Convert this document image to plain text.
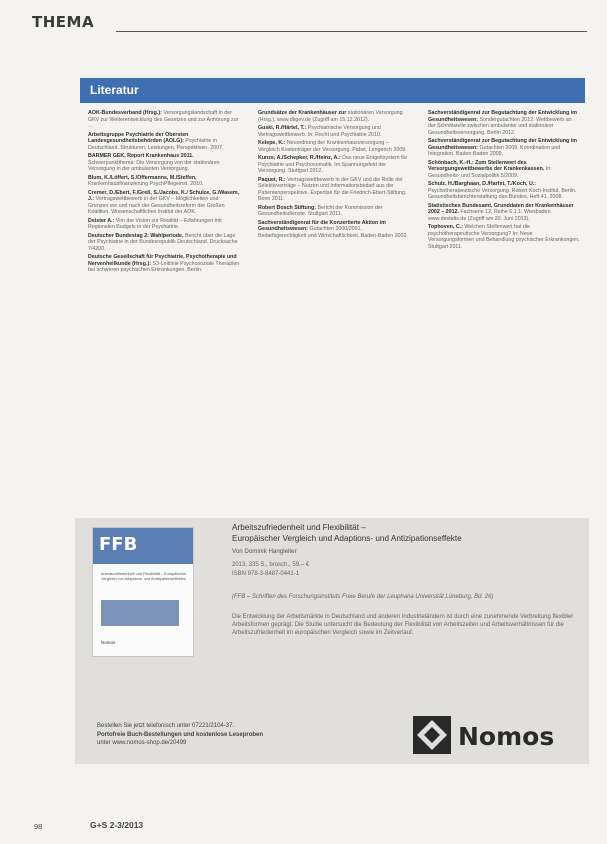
THEMA
Literatur
AOK-Bundesverband (Hrsg.): Versorgungslandschaft in der GKV zur Weiterentwicklung des Gesetzes und zur Anhörung zur …
Arbeitsgruppe Psychiatrie der Obersten Landesgesundheitsbehörden (AOLG): Psychiatrie in Deutschland. Strukturen, Leistungen, Perspektiven. 2007.
BARMER GEK, Report Krankenhaus 2011. Schwerpunktthema: Die Versorgung von der stationären Versorgung in der ambulanten Versorgung.
Blum, K./Löffert, S./Offermanns, M./Steffen, Krankenhausfinanzierung PsychPflegeinst. 2010.
Cremer, D./Ebert, F./Greß, S./Jacobs, K./ Schulze, G./Wasem, J.: Vertragswettbewerb in der GKV – Möglichkeiten und Grenzen vor und nach der Gesundheitsreform der Großen Koalition. Wissenschaftliches Institut der AOK.
Deister A.: Von der Vision zur Realität – Erfahrungen mit Regionalen Budgets in der Psychiatrie.
Deutscher Bundestag 2: Wahlperiode, Bericht über die Lage der Psychiatrie in der Bundesrepublik Deutschland. Drucksache 7/4200.
Deutsche Gesellschaft für Psychiatrie, Psychotherapie und Nervenheilkunde (Hrsg.): S3-Leitlinie Psychosoziale Therapien bei schweren psychischen Erkrankungen. Berlin.
Grundsätze der Krankenhäuser zur stationären Versorgung. (Hrsg.). www.dkgev.de (Zugriff am 15.12.2012).
Guski, R./Härtel, T.: Psychiatrische Versorgung und Vertragswettbewerb. In: Recht und Psychiatrie 2010.
Kelepe, K.: Neuordnung der Krankenhausversorgung – Vergleich Kostenträger der Versorgung. Pabst, Lengerich 2009.
Kunze, A./Schepker, R./Heinz, A.: Das neue Entgeltsystem für Psychiatrie und Psychosomatik. Im Spannungsfeld der Versorgung. Stuttgart 2012.
Paquet, R.: Vertragswettbewerb in der GKV und die Rolle der Selektivverträge – Nutzen und Informationsbedarf aus der Patientenperspektive. Expertise für die Friedrich-Ebert-Stiftung. Bonn 2011.
Robert Bosch Stiftung: Bericht der Kommission der Gesundheitsdienste. Stuttgart 2011.
Sachverständigenrat für die Konzertierte Aktion im Gesundheitswesen: Gutachten 2000/2001. Bedarfsgerechtigkeit und Wirtschaftlichkeit. Baden-Baden 2002.
Sachverständigenrat zur Begutachtung der Entwicklung im Gesundheitswesen: Sondergutachten 2012. Wettbewerb an der Schnittstelle zwischen ambulanter und stationärer Gesundheitsversorgung. Berlin 2012.
Sachverständigenrat zur Begutachtung der Entwicklung im Gesundheitswesen: Gutachten 2009. Koordination und Integration. Baden-Baden 2009.
Schönbach, K.-H.: Zum Stellenwert des Versorgungswettbewerbs der Krankenkassen. In: Gesundheits- und Sozialpolitik 5/2009.
Schulz, H./Barghaan, D./Harfst, T./Koch, U.: Psychotherapeutische Versorgung. Robert Koch-Institut, Berlin. Gesundheitsberichterstattung des Bundes, Heft 41. 2008.
Statistisches Bundesamt, Grunddaten der Krankenhäuser 2002 – 2012. Fachserie 12, Reihe 6.1.1. Wiesbaden. www.destatis.de (Zugriff am 20. Juni 2013).
Tophoven, C.: Welchen Stellenwert hat die psychotherapeutische Versorgung? In: Neue Versorgungsformen und Behandlung psychischer Erkrankungen. Stuttgart 2011.
FFB
Arbeitszufriedenheit und Flexibilität – Europäischer Vergleich von Adaptions- und Antizipationseffekten
Nomos
Arbeitszufriedenheit und Flexibilität –
Europäischer Vergleich und Adaptions- und Antizipationseffekte
Von Dominik Hangleiter
2013, 335 S., brosch., 59,– €
ISBN 978-3-8487-0441-1
(FFB – Schriften des Forschungsinstituts Freie Berufe der Leuphana Universität Lüneburg, Bd. 26)
Die Entwicklung der Arbeitsmärkte in Deutschland und anderen Industrieländern ist durch eine zunehmende Verbreitung flexibler Arbeitsformen geprägt. Die Studie untersucht die Bedeutung der Flexibilität von Arbeitszeiten und Arbeitsverhältnissen für die Arbeitszufriedenheit im europäischen Vergleich sowie im Zeitverlauf.
Bestellen Sie jetzt telefonisch unter 07221/2104-37.
Portofreie Buch-Bestellungen und kostenlose Leseproben
unter www.nomos-shop.de/20499	Nomos
98	G+S 2-3/2013
